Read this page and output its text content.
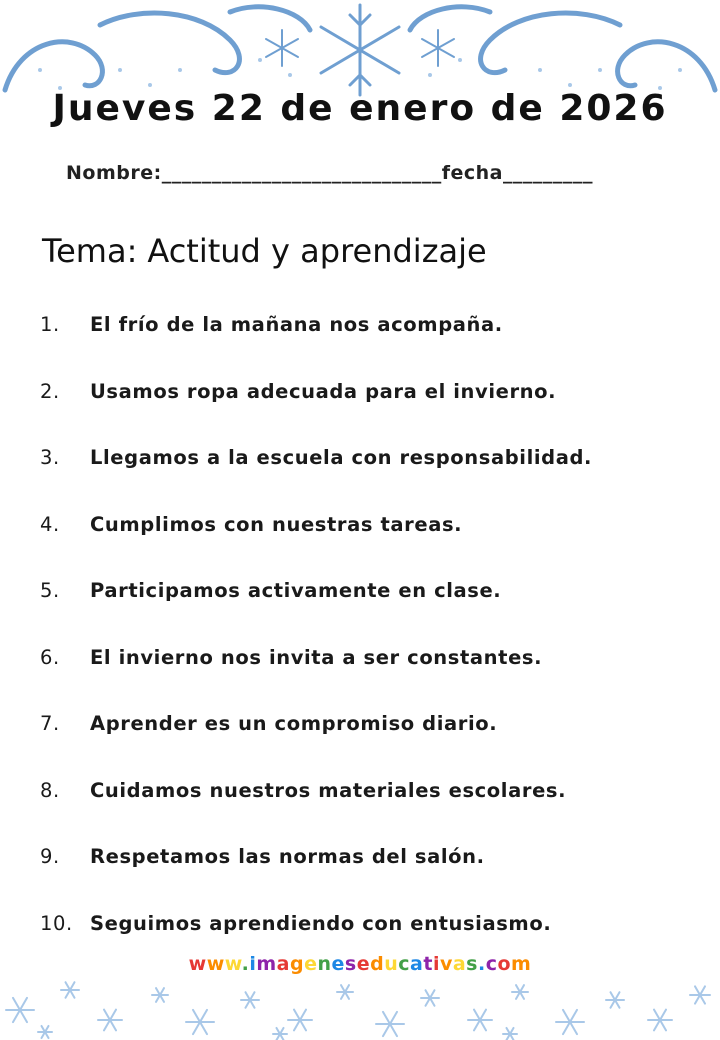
Jueves 22 de enero de 2026
Nombre:____________________________fecha_________
Tema: Actitud y aprendizaje
1.	El frío de la mañana nos acompaña.
2.	Usamos ropa adecuada para el invierno.
3.	Llegamos a la escuela con responsabilidad.
4.	Cumplimos con nuestras tareas.
5.	Participamos activamente en clase.
6.	El invierno nos invita a ser constantes.
7.	Aprender es un compromiso diario.
8.	Cuidamos nuestros materiales escolares.
9.	Respetamos las normas del salón.
10. Seguimos aprendiendo con entusiasmo.
www.imageneseducativas.com
